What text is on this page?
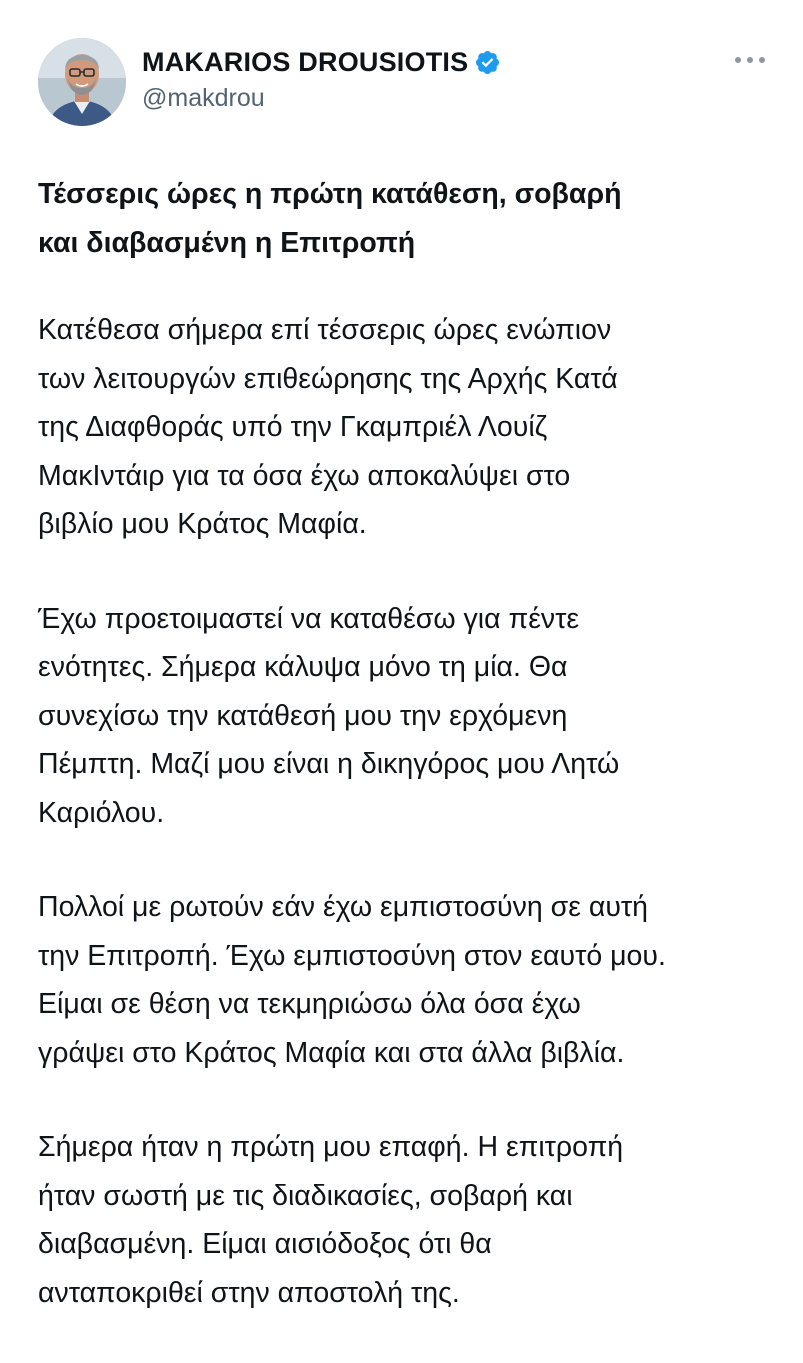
MAKARIOS DROUSIOTIS
@makdrou
Τέσσερις ώρες η πρώτη κατάθεση, σοβαρή
και διαβασμένη η Επιτροπή
Κατέθεσα σήμερα επί τέσσερις ώρες ενώπιον
των λειτουργών επιθεώρησης της Αρχής Κατά
της Διαφθοράς υπό την Γκαμπριέλ Λουίζ
ΜακΙντάιρ για τα όσα έχω αποκαλύψει στο
βιβλίο μου Κράτος Μαφία.
Έχω προετοιμαστεί να καταθέσω για πέντε
ενότητες. Σήμερα κάλυψα μόνο τη μία. Θα
συνεχίσω την κατάθεσή μου την ερχόμενη
Πέμπτη. Μαζί μου είναι η δικηγόρος μου Λητώ
Καριόλου.
Πολλοί με ρωτούν εάν έχω εμπιστοσύνη σε αυτή
την Επιτροπή. Έχω εμπιστοσύνη στον εαυτό μου.
Είμαι σε θέση να τεκμηριώσω όλα όσα έχω
γράψει στο Κράτος Μαφία και στα άλλα βιβλία.
Σήμερα ήταν η πρώτη μου επαφή. Η επιτροπή
ήταν σωστή με τις διαδικασίες, σοβαρή και
διαβασμένη. Είμαι αισιόδοξος ότι θα
ανταποκριθεί στην αποστολή της.
